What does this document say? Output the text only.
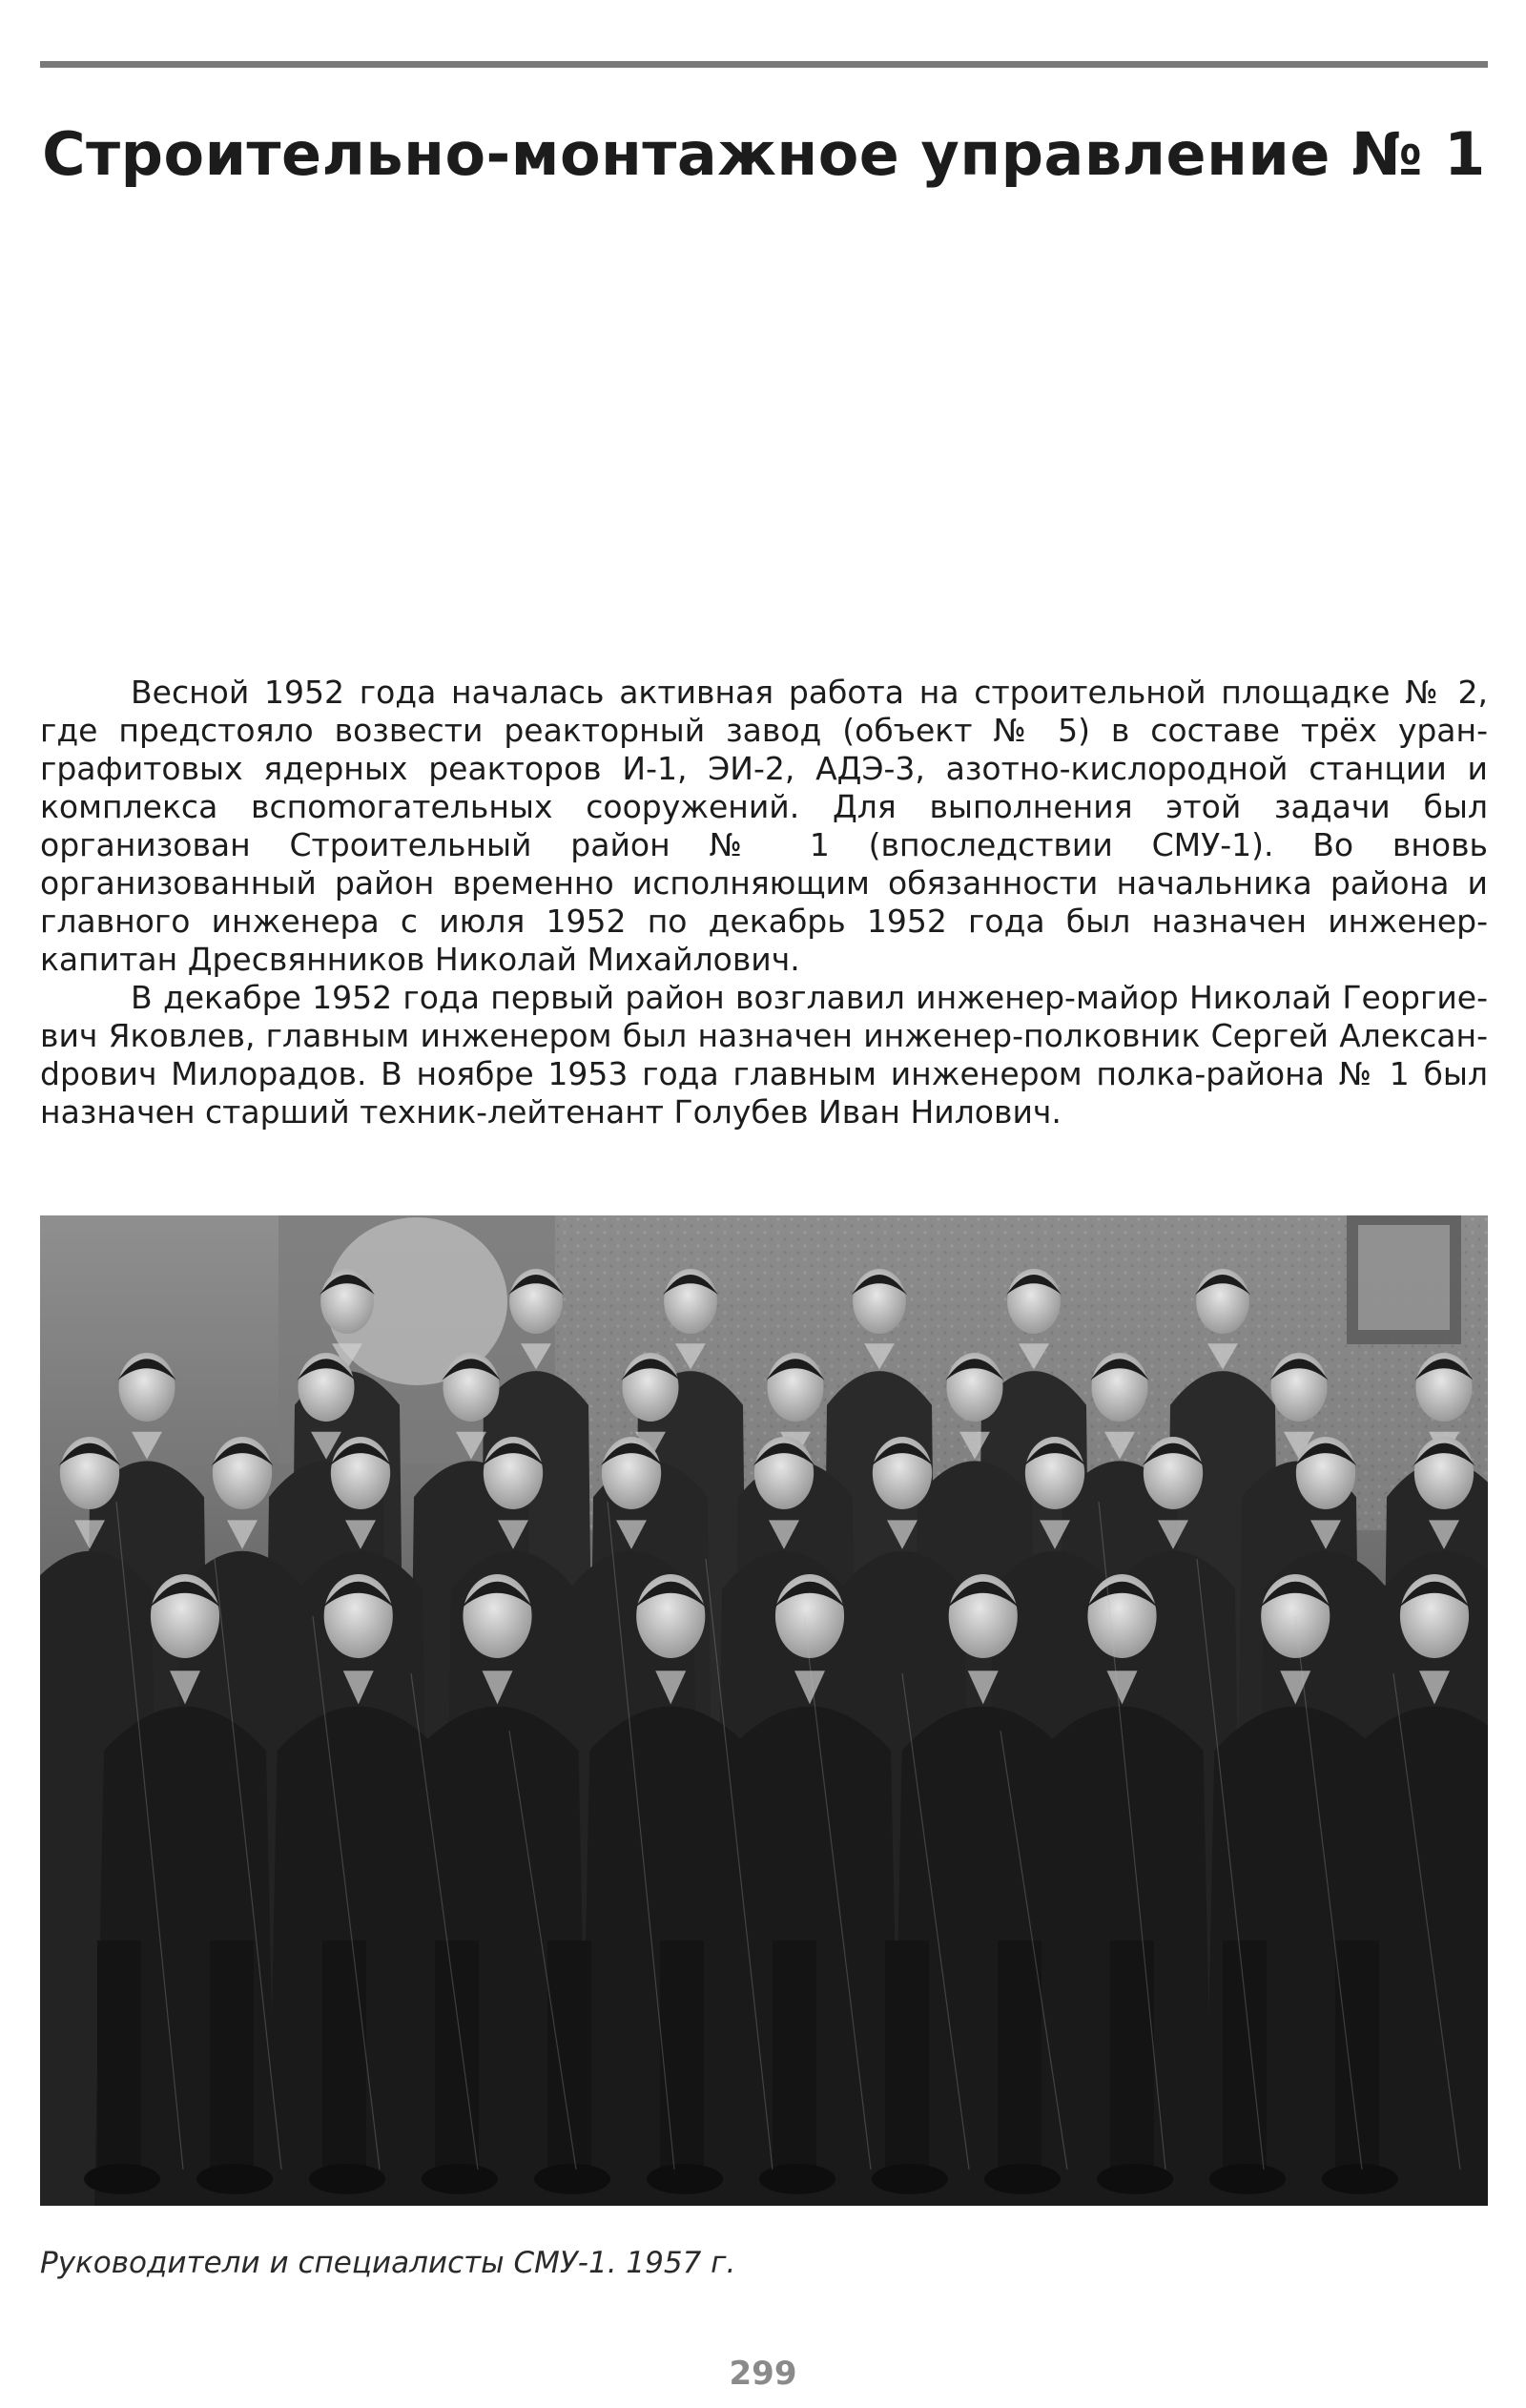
Строительно-монтажное управление № 1

Весной 1952 года началась активная работа на строительной площадке № 2, где предстояло возвести реакторный завод (объект № 5) в составе трёх уран-графитовых ядерных реакторов И-1, ЭИ-2, АДЭ-3, азотно-кислородной станции и комплекса вспоmогательных сооружений. Для выполнения этой задачи был организован Строительный район № 1 (впоследствии СМУ-1). Во вновь организованный район временно исполняющим обязанности начальника района и главного инженера с июля 1952 по декабрь 1952 года был назначен инженер-капитан Дресвянников Николай Михайлович.

В декабре 1952 года первый район возглавил инженер-майор Николай Георгиевич Яковлев, главным инженером был назначен инженер-полковник Сергей Алексанdрович Милорадов. В ноябре 1953 года главным инженером полка-района № 1 был назначен старший техник-лейтенант Голубев Иван Нилович.

Руководители и специалисты СМУ-1. 1957 г.
299
